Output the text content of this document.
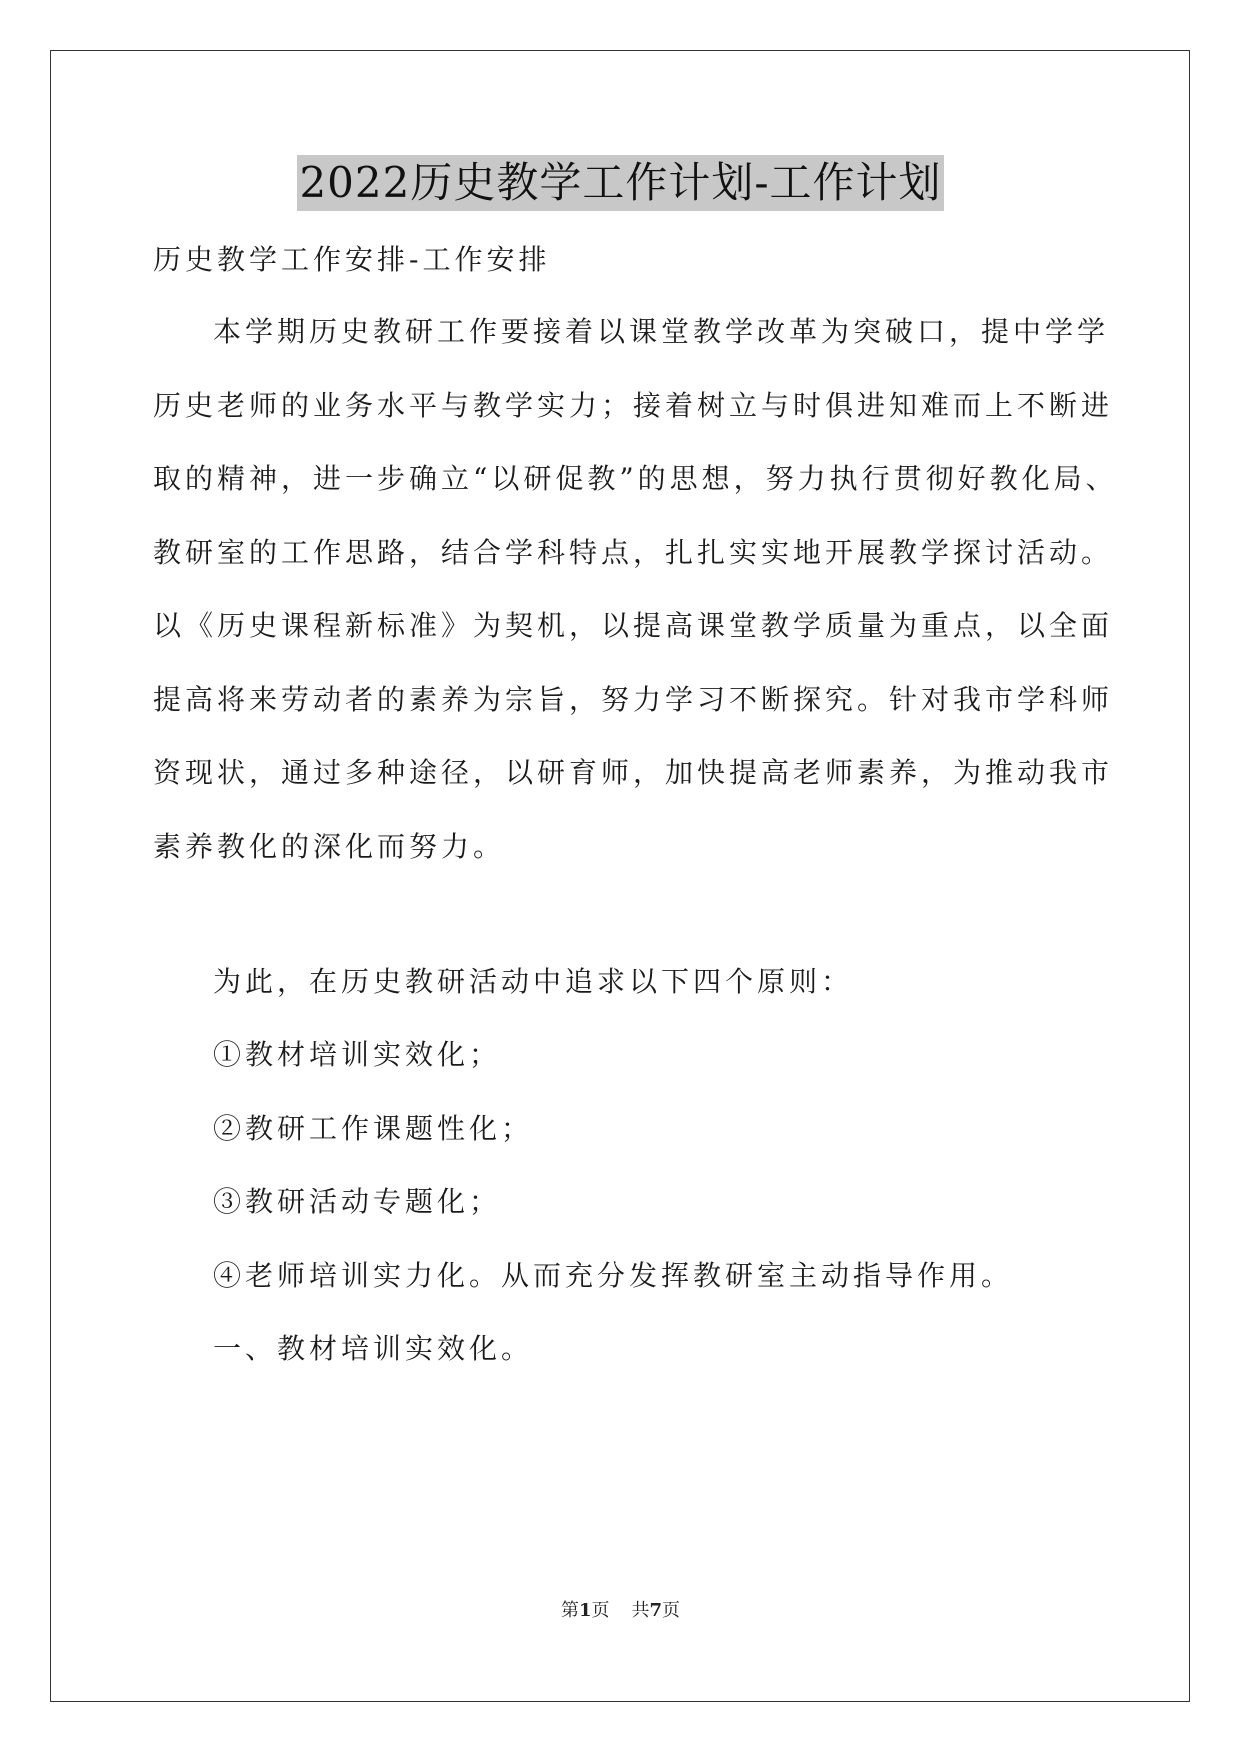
2022历史教学工作计划-工作计划
历史教学工作安排-工作安排
本学期历史教研工作要接着以课堂教学改革为突破口，提中学学
历史老师的业务水平与教学实力；接着树立与时俱进知难而上不断进
取的精神，进一步确立“以研促教”的思想，努力执行贯彻好教化局、
教研室的工作思路，结合学科特点，扎扎实实地开展教学探讨活动。
以《历史课程新标准》为契机，以提高课堂教学质量为重点，以全面
提高将来劳动者的素养为宗旨，努力学习不断探究。针对我市学科师
资现状，通过多种途径，以研育师，加快提高老师素养，为推动我市
素养教化的深化而努力。
为此，在历史教研活动中追求以下四个原则：
①教材培训实效化；
②教研工作课题性化；
③教研活动专题化；
④老师培训实力化。从而充分发挥教研室主动指导作用。
一、教材培训实效化。
第1页 共7页
